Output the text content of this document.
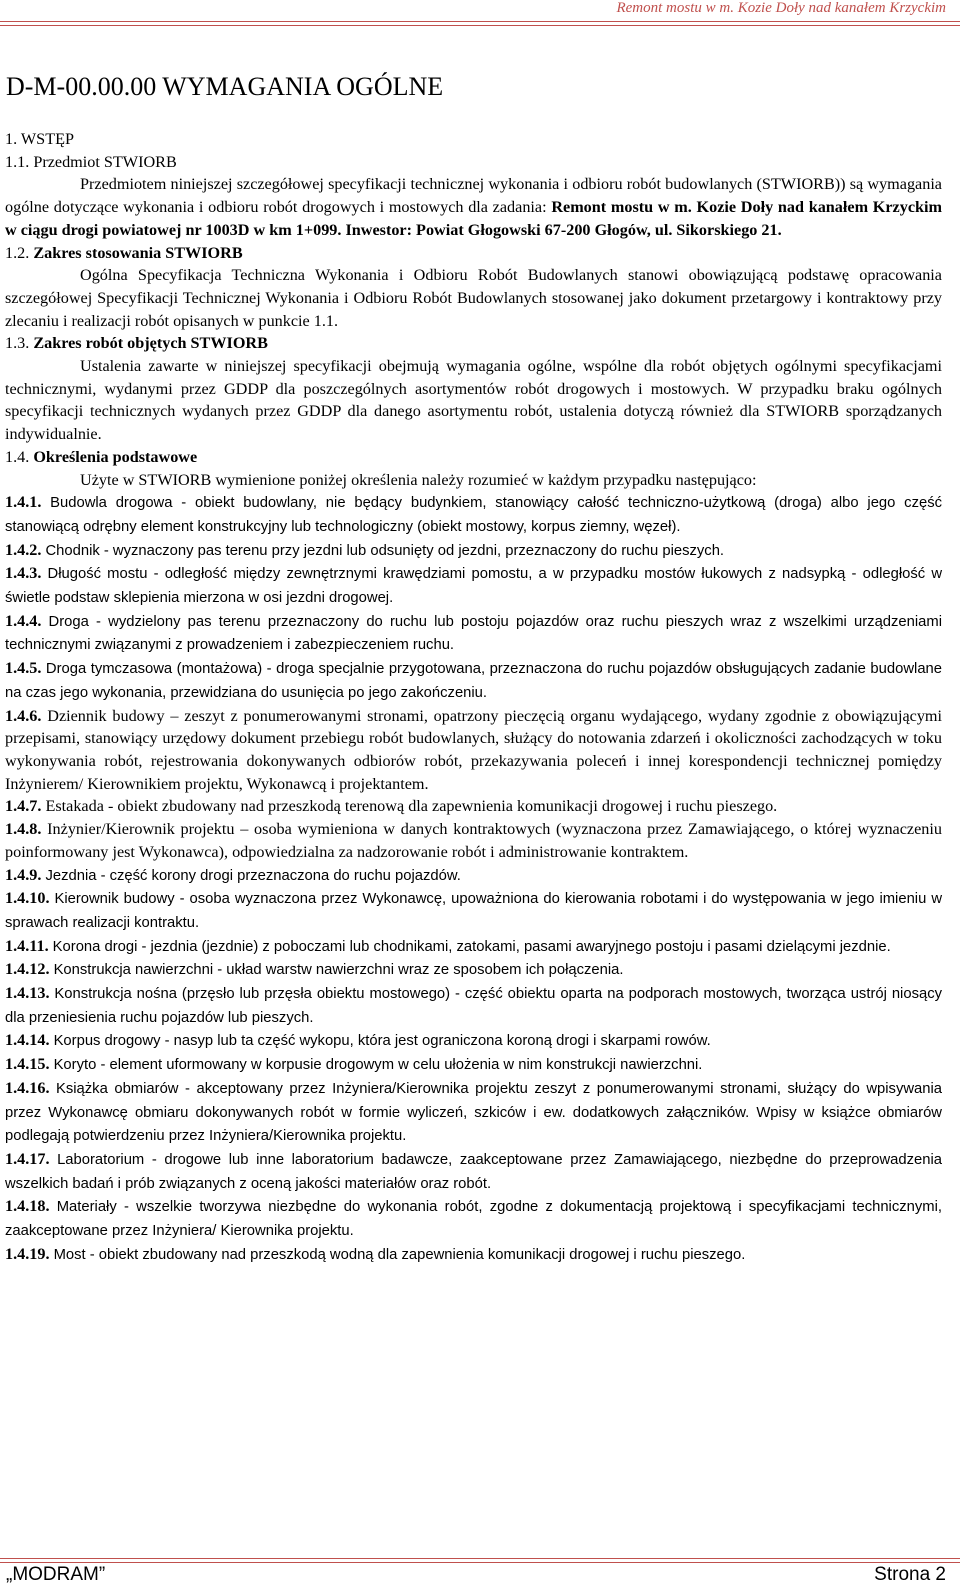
Remont mostu w m. Kozie Doły nad kanałem Krzyckim
D-M-00.00.00 WYMAGANIA OGÓLNE

1. WSTĘP

1.1. Przedmiot STWIORB

Przedmiotem niniejszej szczegółowej specyfikacji technicznej wykonania i odbioru robót budowlanych (STWIORB)) są wymagania ogólne dotyczące wykonania i odbioru robót drogowych i mostowych dla zadania: Remont mostu w m. Kozie Doły nad kanałem Krzyckim w ciągu drogi powiatowej nr 1003D w km 1+099. Inwestor: Powiat Głogowski 67-200 Głogów, ul. Sikorskiego 21.

1.2. Zakres stosowania STWIORB

Ogólna Specyfikacja Techniczna Wykonania i Odbioru Robót Budowlanych stanowi obowiązującą podstawę opracowania szczegółowej Specyfikacji Technicznej Wykonania i Odbioru Robót Budowlanych stosowanej jako dokument przetargowy i kontraktowy przy zlecaniu i realizacji robót opisanych w punkcie 1.1.

1.3. Zakres robót objętych STWIORB

Ustalenia zawarte w niniejszej specyfikacji obejmują wymagania ogólne, wspólne dla robót objętych ogólnymi specyfikacjami technicznymi, wydanymi przez GDDP dla poszczególnych asortymentów robót drogowych i mostowych. W przypadku braku ogólnych specyfikacji technicznych wydanych przez GDDP dla danego asortymentu robót, ustalenia dotyczą również dla STWIORB sporządzanych indywidualnie.

1.4. Określenia podstawowe

Użyte w STWIORB wymienione poniżej określenia należy rozumieć w każdym przypadku następująco:

1.4.1. Budowla drogowa - obiekt budowlany, nie będący budynkiem, stanowiący całość techniczno-użytkową (droga) albo jego część stanowiącą odrębny element konstrukcyjny lub technologiczny (obiekt mostowy, korpus ziemny, węzeł).

1.4.2. Chodnik - wyznaczony pas terenu przy jezdni lub odsunięty od jezdni, przeznaczony do ruchu pieszych.

1.4.3. Długość mostu - odległość między zewnętrznymi krawędziami pomostu, a w przypadku mostów łukowych z nadsypką - odległość w świetle podstaw sklepienia mierzona w osi jezdni drogowej.

1.4.4. Droga - wydzielony pas terenu przeznaczony do ruchu lub postoju pojazdów oraz ruchu pieszych wraz z wszelkimi urządzeniami technicznymi związanymi z prowadzeniem i zabezpieczeniem ruchu.

1.4.5. Droga tymczasowa (montażowa) - droga specjalnie przygotowana, przeznaczona do ruchu pojazdów obsługujących zadanie budowlane na czas jego wykonania, przewidziana do usunięcia po jego zakończeniu.

1.4.6. Dziennik budowy – zeszyt z ponumerowanymi stronami, opatrzony pieczęcią organu wydającego, wydany zgodnie z obowiązującymi przepisami, stanowiący urzędowy dokument przebiegu robót budowlanych, służący do notowania zdarzeń i okoliczności zachodzących w toku wykonywania robót, rejestrowania dokonywanych odbiorów robót, przekazywania poleceń i innej korespondencji technicznej pomiędzy Inżynierem/ Kierownikiem projektu, Wykonawcą i projektantem.

1.4.7. Estakada - obiekt zbudowany nad przeszkodą terenową dla zapewnienia komunikacji drogowej i ruchu pieszego.

1.4.8. Inżynier/Kierownik projektu – osoba wymieniona w danych kontraktowych (wyznaczona przez Zamawiającego, o której wyznaczeniu poinformowany jest Wykonawca), odpowiedzialna za nadzorowanie robót i administrowanie kontraktem.

1.4.9. Jezdnia - część korony drogi przeznaczona do ruchu pojazdów.

1.4.10. Kierownik budowy - osoba wyznaczona przez Wykonawcę, upoważniona do kierowania robotami i do występowania w jego imieniu w sprawach realizacji kontraktu.

1.4.11. Korona drogi - jezdnia (jezdnie) z poboczami lub chodnikami, zatokami, pasami awaryjnego postoju i pasami dzielącymi jezdnie.

1.4.12. Konstrukcja nawierzchni - układ warstw nawierzchni wraz ze sposobem ich połączenia.

1.4.13. Konstrukcja nośna (przęsło lub przęsła obiektu mostowego) - część obiektu oparta na podporach mostowych, tworząca ustrój niosący dla przeniesienia ruchu pojazdów lub pieszych.

1.4.14. Korpus drogowy - nasyp lub ta część wykopu, która jest ograniczona koroną drogi i skarpami rowów.

1.4.15. Koryto - element uformowany w korpusie drogowym w celu ułożenia w nim konstrukcji nawierzchni.

1.4.16. Książka obmiarów - akceptowany przez Inżyniera/Kierownika projektu zeszyt z ponumerowanymi stronami, służący do wpisywania przez Wykonawcę obmiaru dokonywanych robót w formie wyliczeń, szkiców i ew. dodatkowych załączników. Wpisy w książce obmiarów podlegają potwierdzeniu przez Inżyniera/Kierownika projektu.

1.4.17. Laboratorium - drogowe lub inne laboratorium badawcze, zaakceptowane przez Zamawiającego, niezbędne do przeprowadzenia wszelkich badań i prób związanych z oceną jakości materiałów oraz robót.

1.4.18. Materiały - wszelkie tworzywa niezbędne do wykonania robót, zgodne z dokumentacją projektową i specyfikacjami technicznymi, zaakceptowane przez Inżyniera/ Kierownika projektu.

1.4.19. Most - obiekt zbudowany nad przeszkodą wodną dla zapewnienia komunikacji drogowej i ruchu pieszego.

„MODRAM”	Strona 2
